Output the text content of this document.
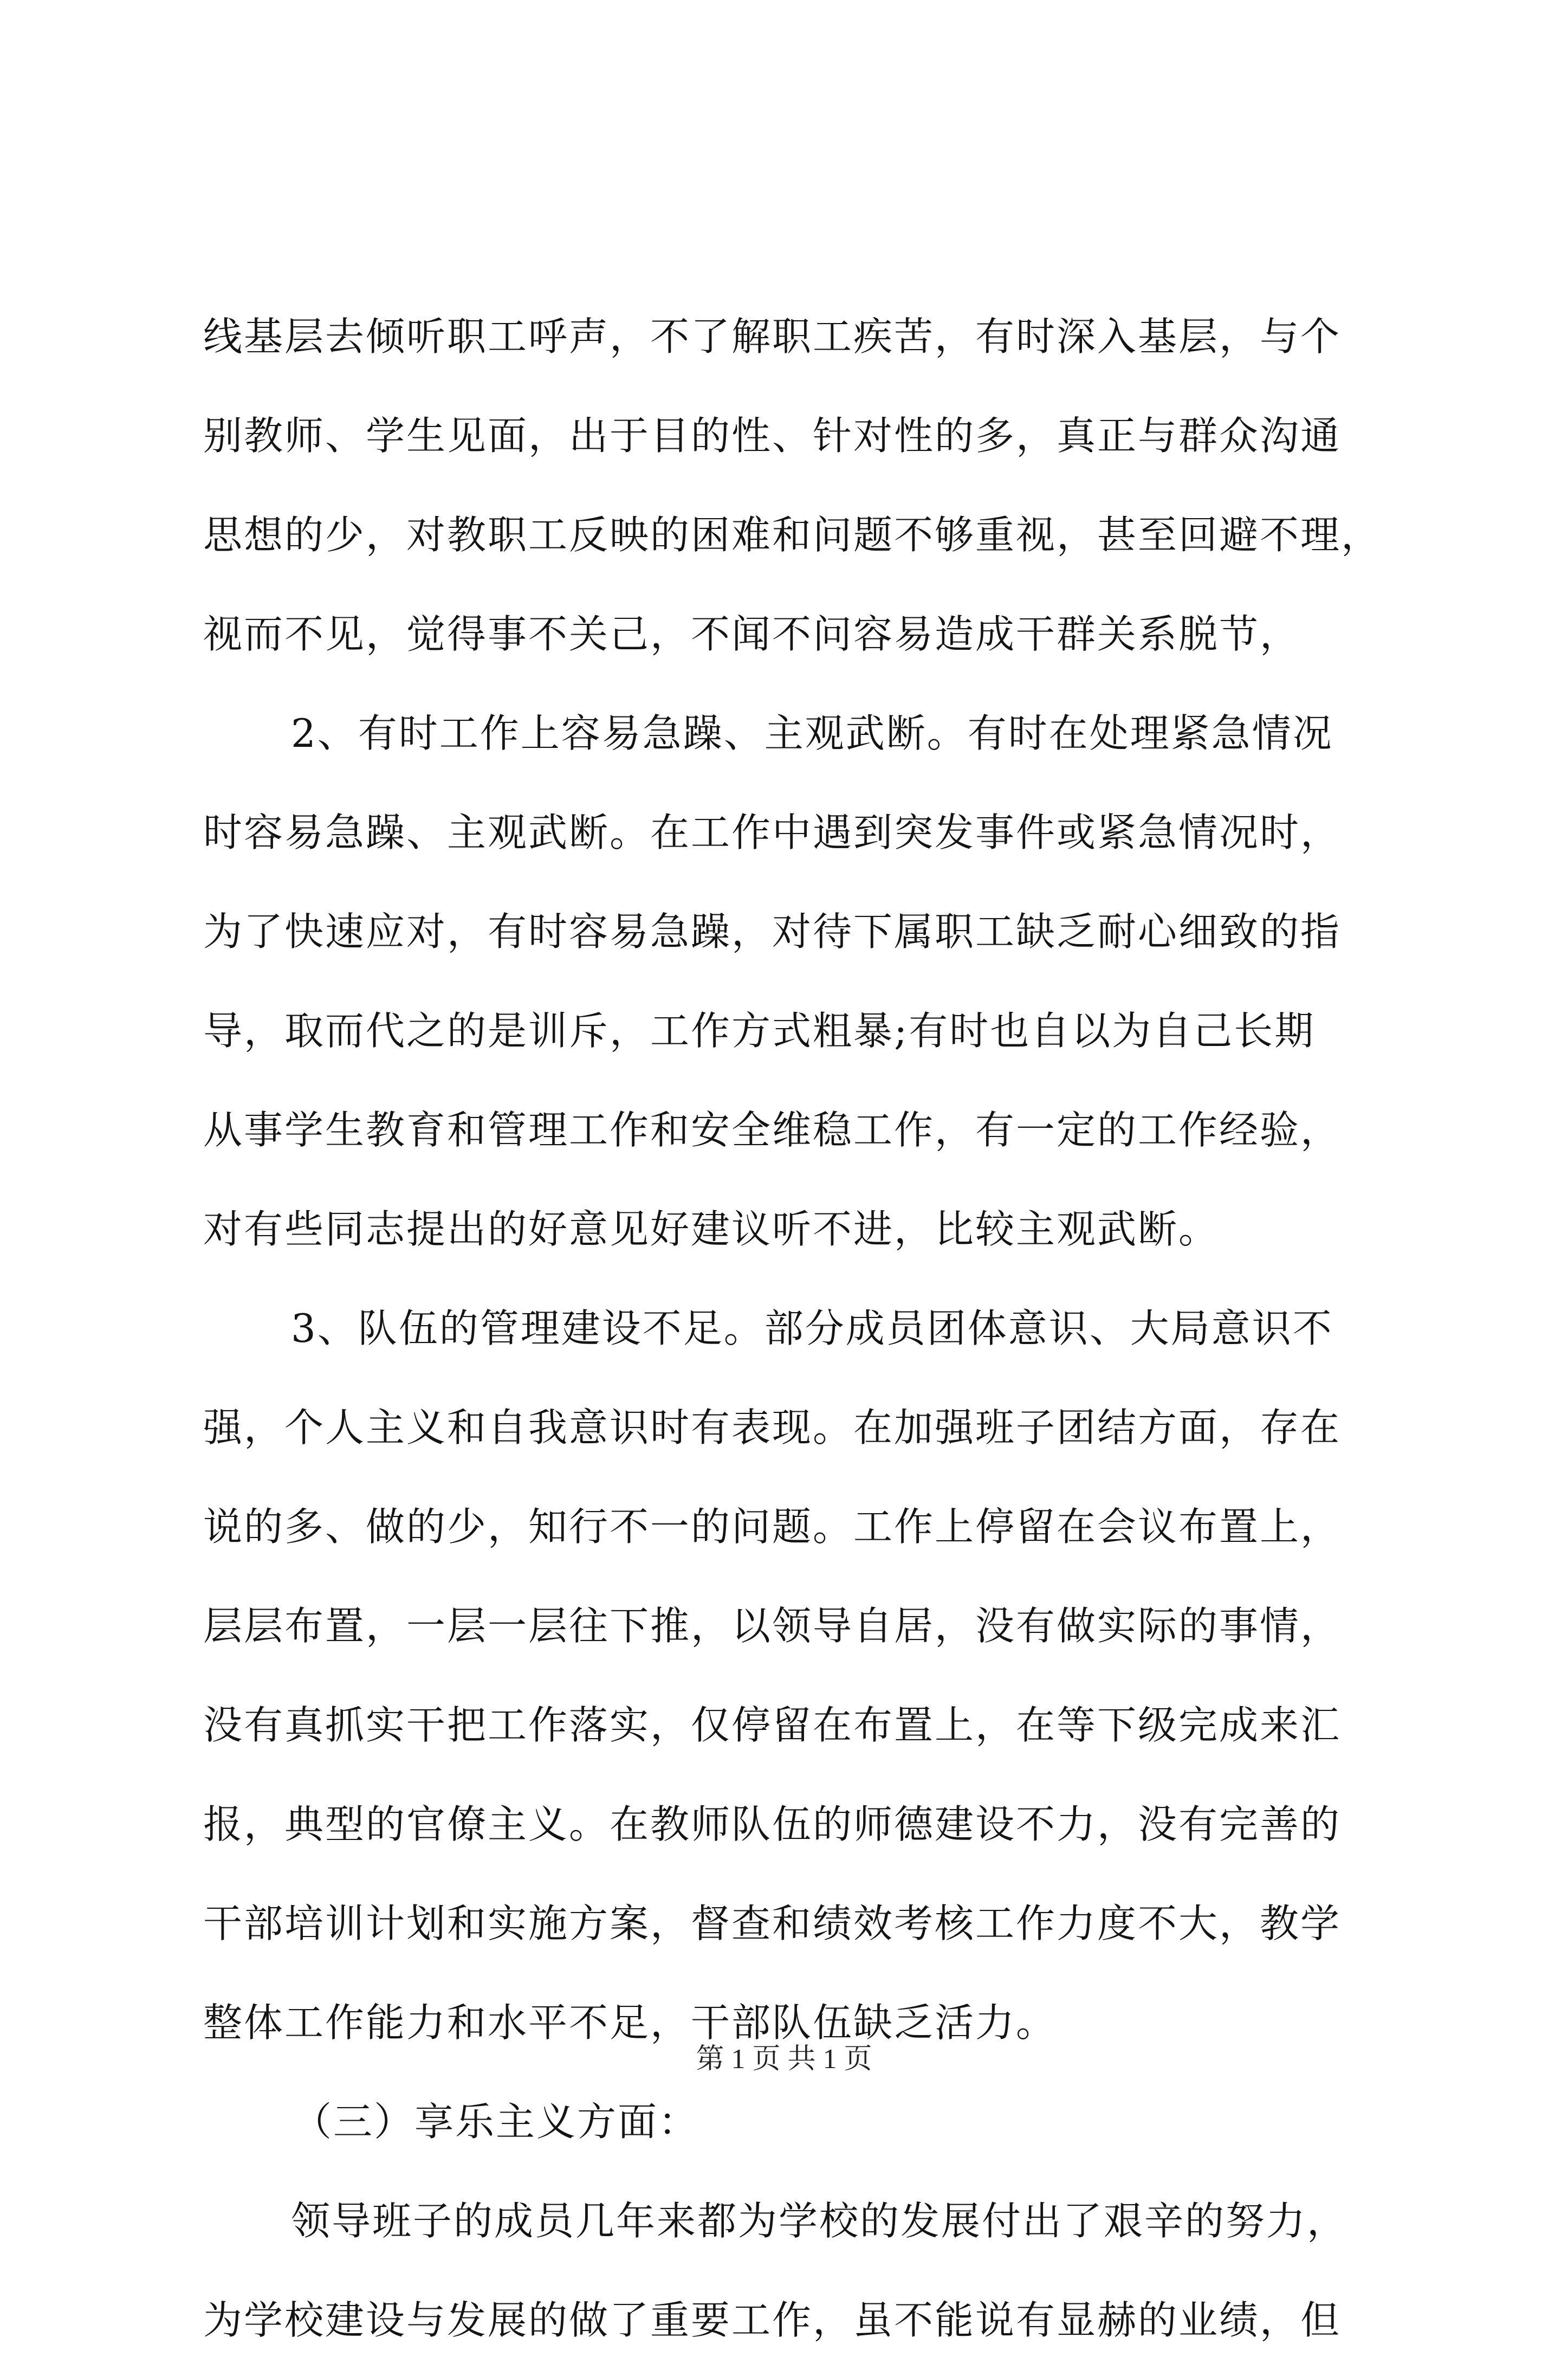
线基层去倾听职工呼声，不了解职工疾苦，有时深入基层，与个
别教师、学生见面，出于目的性、针对性的多，真正与群众沟通
思想的少，对教职工反映的困难和问题不够重视，甚至回避不理，
视而不见，觉得事不关己，不闻不问容易造成干群关系脱节，
2、有时工作上容易急躁、主观武断。有时在处理紧急情况
时容易急躁、主观武断。在工作中遇到突发事件或紧急情况时，
为了快速应对，有时容易急躁，对待下属职工缺乏耐心细致的指
导，取而代之的是训斥，工作方式粗暴;有时也自以为自己长期
从事学生教育和管理工作和安全维稳工作，有一定的工作经验，
对有些同志提出的好意见好建议听不进，比较主观武断。
3、队伍的管理建设不足。部分成员团体意识、大局意识不
强，个人主义和自我意识时有表现。在加强班子团结方面，存在
说的多、做的少，知行不一的问题。工作上停留在会议布置上，
层层布置，一层一层往下推，以领导自居，没有做实际的事情，
没有真抓实干把工作落实，仅停留在布置上，在等下级完成来汇
报，典型的官僚主义。在教师队伍的师德建设不力，没有完善的
干部培训计划和实施方案，督查和绩效考核工作力度不大，教学
整体工作能力和水平不足，干部队伍缺乏活力。
（三）享乐主义方面：
领导班子的成员几年来都为学校的发展付出了艰辛的努力，
为学校建设与发展的做了重要工作，虽不能说有显赫的业绩，但
第 1 页 共 1 页
